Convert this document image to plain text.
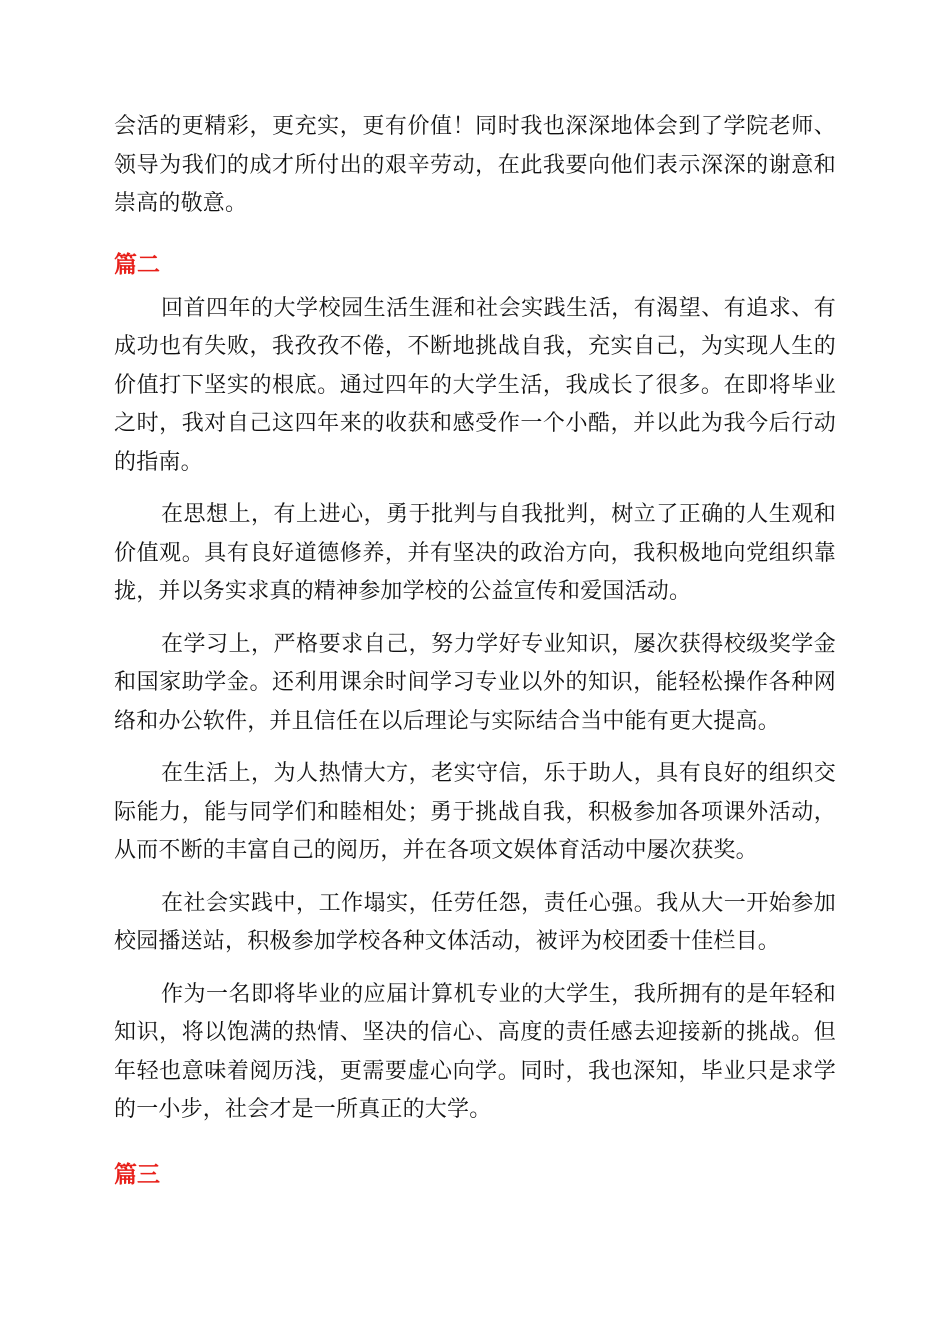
会活的更精彩，更充实，更有价值！同时我也深深地体会到了学院老师、领导为我们的成才所付出的艰辛劳动，在此我要向他们表示深深的谢意和崇高的敬意。

篇二

回首四年的大学校园生活生涯和社会实践生活，有渴望、有追求、有成功也有失败，我孜孜不倦，不断地挑战自我，充实自己，为实现人生的价值打下坚实的根底。通过四年的大学生活，我成长了很多。在即将毕业之时，我对自己这四年来的收获和感受作一个小酷，并以此为我今后行动的指南。

在思想上，有上进心，勇于批判与自我批判，树立了正确的人生观和价值观。具有良好道德修养，并有坚决的政治方向，我积极地向党组织靠拢，并以务实求真的精神参加学校的公益宣传和爱国活动。

在学习上，严格要求自己，努力学好专业知识，屡次获得校级奖学金和国家助学金。还利用课余时间学习专业以外的知识，能轻松操作各种网络和办公软件，并且信任在以后理论与实际结合当中能有更大提高。

在生活上，为人热情大方，老实守信，乐于助人，具有良好的组织交际能力，能与同学们和睦相处；勇于挑战自我，积极参加各项课外活动，从而不断的丰富自己的阅历，并在各项文娱体育活动中屡次获奖。

在社会实践中，工作塌实，任劳任怨，责任心强。我从大一开始参加校园播送站，积极参加学校各种文体活动，被评为校团委十佳栏目。

作为一名即将毕业的应届计算机专业的大学生，我所拥有的是年轻和知识，将以饱满的热情、坚决的信心、高度的责任感去迎接新的挑战。但年轻也意味着阅历浅，更需要虚心向学。同时，我也深知，毕业只是求学的一小步，社会才是一所真正的大学。

篇三
